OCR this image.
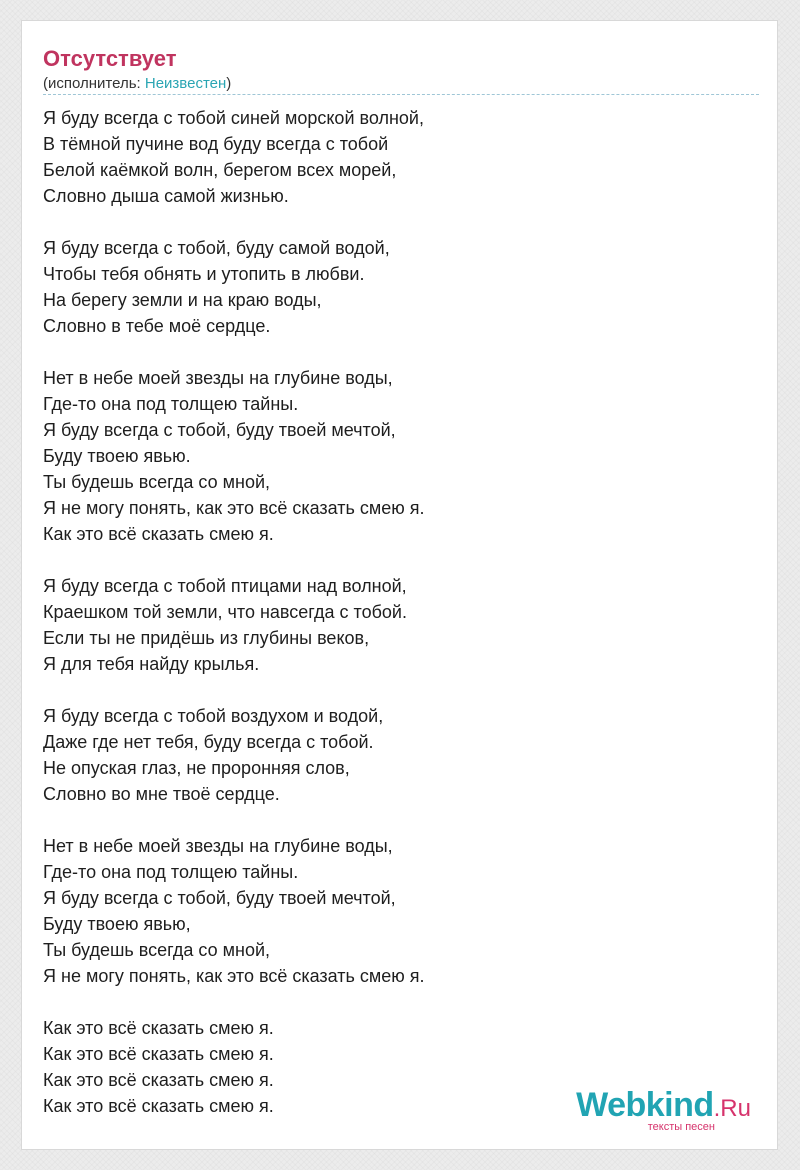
Отсутствует
(исполнитель: Неизвестен)
Я буду всегда с тобой синей морской волной,
В тёмной пучине вод буду всегда с тобой
Белой каёмкой волн, берегом всех морей,
Словно дыша самой жизнью.
Я буду всегда с тобой, буду самой водой,
Чтобы тебя обнять и утопить в любви.
На берегу земли и на краю воды,
Словно в тебе моё сердце.
Нет в небе моей звезды на глубине воды,
Где-то она под толщею тайны.
Я буду всегда с тобой, буду твоей мечтой,
Буду твоею явью.
Ты будешь всегда со мной,
Я не могу понять, как это всё сказать смею я.
Как это всё сказать смею я.
Я буду всегда с тобой птицами над волной,
Краешком той земли, что навсегда с тобой.
Если ты не придёшь из глубины веков,
Я для тебя найду крылья.
Я буду всегда с тобой воздухом и водой,
Даже где нет тебя, буду всегда с тобой.
Не опуская глаз, не проронняя слов,
Словно во мне твоё сердце.
Нет в небе моей звезды на глубине воды,
Где-то она под толщею тайны.
Я буду всегда с тобой, буду твоей мечтой,
Буду твоею явью,
Ты будешь всегда со мной,
Я не могу понять, как это всё сказать смею я.
Как это всё сказать смею я.
Как это всё сказать смею я.
Как это всё сказать смею я.
Как это всё сказать смею я.	Webkind.Ru
тексты песен
